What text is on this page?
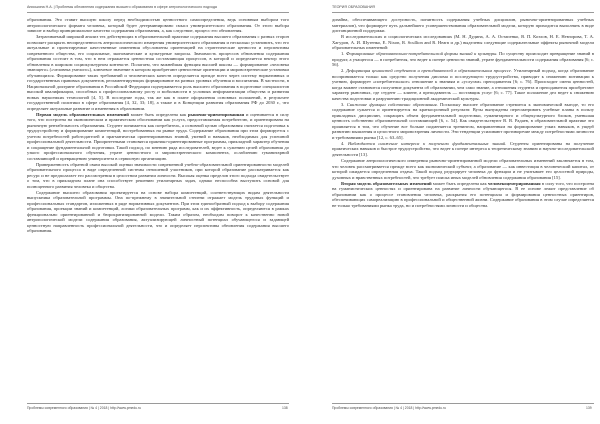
Аниськина Н.А. | Проблемы обновления содержания высшего образования в сфере антропологического подхода	ТЕОРИЯ ОБРАЗОВАНИЯ

образования. Это ставит высшую школу перед необходимостью ценностного самоопределения, ведь основным выбором того антропологического формата человека, который будет детерминировано смысл университетского образования. От этого выбора зависит и выбор принципиальное качество содержания образования, а, как следствие, процесс его обновления.

Затрагиваемый широкий анализ тех действующих в образовательной практике содержания высшего образования с разных сторон позволяет раскрыть неопределенность антропологического измерения университетского образования и несколько установить, что его актуальные и проектируемые качественные изменения обусловлены ориентацией на стратегические ценности и перспективы современного общества, его социальные, экономические и культурные запросы. Значимость процессов обновления содержания образования состоит в том, что в нем отражается ценностная составляющая процессов, в которой и определяется вектор этого обновления в широком социокультурном контексте. Полагаем, что важнейшая функция высшей школы — формирование «человека знающего» («человека умелого»), ключевое значение в котором приобретают ценностные ориентации и мировоззренческие установки обучающихся. Формирование таких требований и человеческих качеств определяется прежде всего через систему нормативных и государственных правовых документов, регламентирующих формирование на разных уровнях обучения и воспитания. В частности, в Национальной доктрине образования в Российской Федерации подчеркивается роль высшего образования в подготовке специалистов высокой квалификации, способных к профессиональному росту и мобильности в условиях информатизации общества и развития новых наукоемких технологий [4, 5]. В последние годы, так же как в плане оформления основных положений, в результате государственной политики в сфере образования [4, 32, 33; 18], а также и в Концепции развития образования РФ до 2030 г., что определяет актуальные развитие и изменения в образовании.

Первая модель образовательных изменений может быть определена как рыночно-ориентированная и оценивается в силу того, что построена на экономическом и практическом обосновании как услуга, предоставляемая потребителю, и ориентирована на рыночную рентабельность образования. Студент понимается как потребитель, а основной целью образования считается подготовка к трудоустройству и формирование компетенций, востребованных на рынке труда. Содержание образования при этом формируется с учетом потребностей работодателей и прагматически ориентированных знаний, умений и навыков, необходимых для успешной профессиональной деятельности. Приоритетными становятся практико-ориентированные программы, прикладной характер обучения и сокращение фундаментальной подготовки. Такой подход, по мнению ряда исследователей, ведет к сужению целей образования до узкого профессионального обучения, утрате ценностного и мировоззренческого компонента, ослаблению гуманитарной составляющей и превращению университета в сервисную организацию.

Приверженность обратной связи высокой оценки значимости современной учебно-образовательной ориентированности моделей образовательного процесса в виде определенной системы отношений участников, при которой образование рассматривается как ресурс и не предполагает его рассмотрения в целостном развитии личности. Высокая оценка пределов этого подхода свидетельствует о том, что в прикладном плане она способствует решению утилитарных задач, однако неспособна выступить основой для полноценного развития человека и общества.

Содержание высшего образования проектируется на основе набора компетенций, соответствующих видам деятельности выпускника образовательной программы. Она по-прежнему в значительной степени отражает модель трудовых функций и профессиональных стандартов, изложенных в ряде нормативных документов. При этом единообразный подход к выбору содержания образования, проекции знаний и компетенций, логики образовательных программ, как и их эффективность, определяются в рамках функционально ориентированной и бюрократизированной модели. Таким образом, необходим поворот к качественно новой антропологической модели содержания образования, актуализирующей личностный потенциал обучающегося и задающей ценностную направленность профессиональной деятельности, что и определяет перспективы обновления содержания высшего образования.

дизайна, обеспечивающего доступность, понятность содержания учебных дисциплин, рыночно-ориентированных учебных материалов), что формирует путь дальнейшего усовершенствования образовательной модели, которую приходится выполнять в виде дистанционной поддержки.

В исследовательских и социологических исследованиях (М. Н. Дудина, А. А. Остапенко, В. П. Козлов, Н. Е. Невзорова, Т. А. Хагуров, А. И. Шутенко, E. Nixon, R. Scullion and R. Hearn и др.) выделены следующие содержательные эффекты рыночной модели образовательных изменений:

1. Формирование образовательно-потребительской формы знаний и культуры. По существу происходит превращение знаний в продукт, а учащегося — в потребителя, что ведет к потере ценности знаний, утрате фундаментальности содержания образования [6; с. 56].

2. Деформация ценностей студентов и преподавателей в образовательном процессе. Утилитарный подход, когда образование воспринимается только как средство получения диплома и последующего трудоустройства, приводит к снижению мотивации к учению, формирует «потребительское» отношение к знаниям и «услугам» преподавателя [6; с. 76]. Происходит смена ценностей, когда важнее становится получение документа об образовании, чем само знание, а отношения студента и преподавателя приобретают характер рыночных, где студент — клиент, а преподаватель — поставщик услуг [6; с. 77]. Такое положение дел ведет к снижению качества подготовки и разрушению традиционной академической культуры.

3. Снижение функции собственно образования. Поскольку высшее образование стремится к экономической выгоде, то его содержание сужается и ориентируется на краткосрочный результат. Вузы вынуждены пересматривать учебные планы в пользу прикладных дисциплин, сокращать объем фундаментальной подготовки, гуманитарного и общекультурного блоков, уменьшая ценность собственно образовательной составляющей [6, с. 54]. Как свидетельствуют В. В. Радаев, в образовательной практике это проявляется в том, что обучение все больше подменяется тренингом, направленным на формирование узких навыков, в ущерб развитию мышления и целостного мировоззрения личности. Эти тенденции усиливают противоречие между потребностями личности и требованиями рынка [12, с. 63–65].

4. Наблюдается снижение интереса к получению фундаментальных знаний. Студенты ориентированы на получение практических навыков и быстрое трудоустройство, что ведет к потере интереса к теоретическому знанию и научно-исследовательской деятельности [13].

Содержание антропологического измерения рыночно-ориентированной модели образовательных изменений заключается в том, что человек рассматривается прежде всего как экономический субъект, а образование — как инвестиция в человеческий капитал, от которой ожидается определенная отдача. Такой подход редуцирует человека до функции и не учитывает его целостной природы, духовных и нравственных потребностей, что требует поиска иных моделей обновления содержания образования [15].

Вторая модель образовательных изменений может быть определена как человекоцентрированная в силу того, что построена на гуманистических ценностях и ориентирована на развитие личности обучающегося. В ее основе лежит представление об образовании как о процессе становления человека, раскрытия его потенциала и формирования ценностных ориентиров, обеспечивающих самореализацию в профессиональной и общественной жизни. Содержание образования в этом случае определяется не только требованиями рынка труда, но и потребностями личности и общества.

Проблемы современного образования | № 4 | 2018 | http://www.pmedu.ru	Проблемы современного образования | № 4 | 2018 | http://www.pmedu.ru
138	139
